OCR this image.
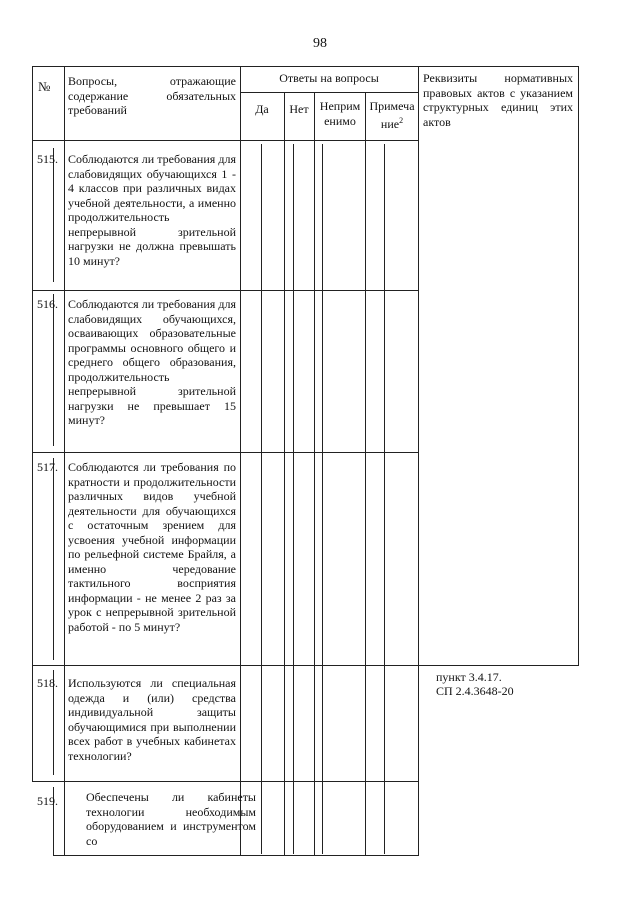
98
№ Вопросы, отражающие содержание обязательных требований
Ответы на вопросы
Да	Нет Неприменимо
Примечание$^2$
Реквизиты нормативных правовых актов с указанием структурных единиц этих актов
515. Соблюдаются ли требования для слабовидящих обучающихся 1 - 4 классов при различных видах учебной деятельности, а именно продолжительность непрерывной зрительной нагрузки не должна превышать 10 минут?
516. Соблюдаются ли требования для слабовидящих обучающихся, осваивающих образовательные программы основного общего и среднего общего образования, продолжительность непрерывной зрительной нагрузки не превышает 15 минут?
517. Соблюдаются ли требования по кратности и продолжительности различных видов учебной деятельности для обучающихся с остаточным зрением для усвоения учебной информации по рельефной системе Брайля, а именно чередование тактильного восприятия информации - не менее 2 раз за урок с непрерывной зрительной работой - по 5 минут?
518. Используются ли специальная одежда и (или) средства индивидуальной защиты обучающимися при выполнении всех работ в учебных кабинетах технологии?
пункт 3.4.17.
СП 2.4.3648-20
519. Обеспечены ли кабинеты технологии необходимым оборудованием и инструментом со
